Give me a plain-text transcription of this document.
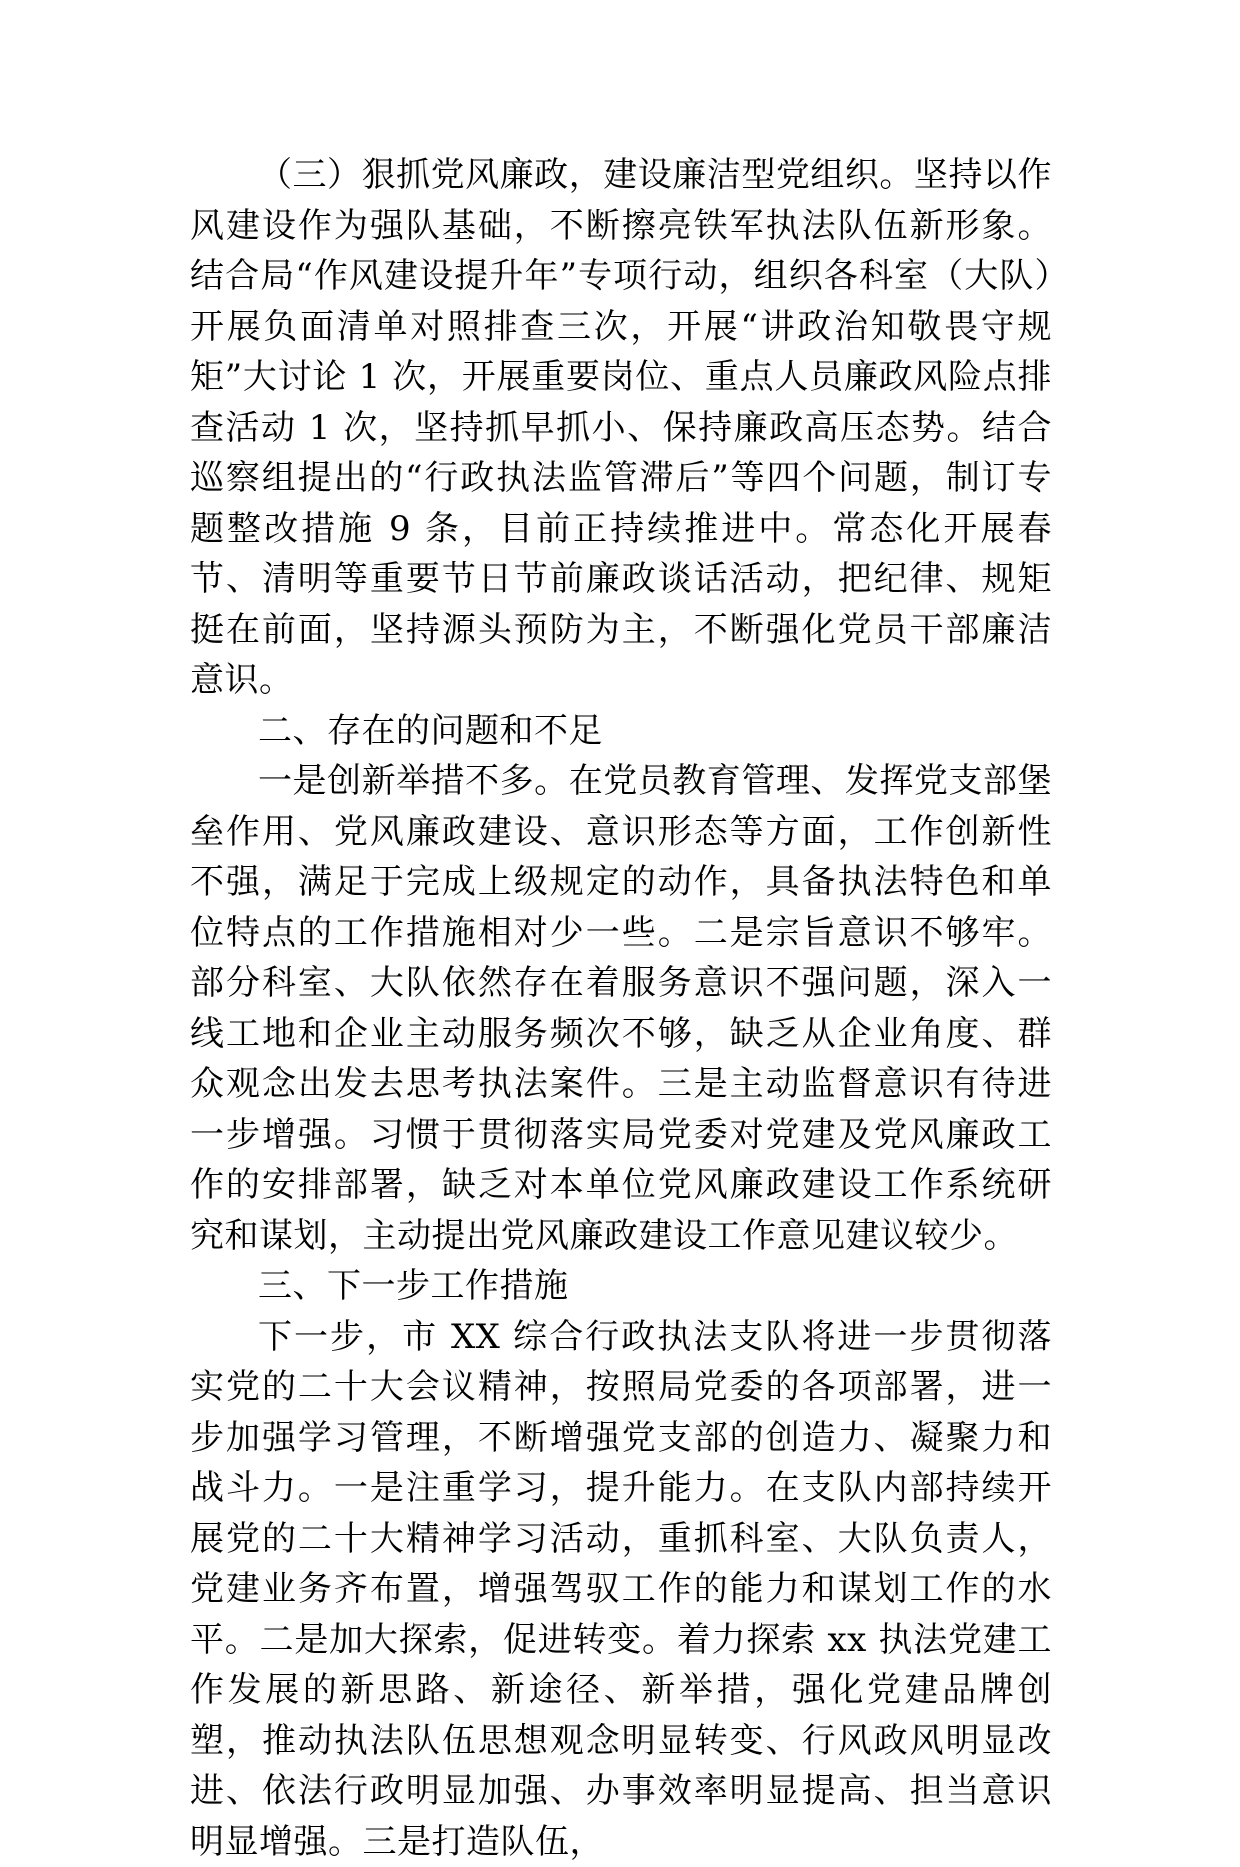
（三）狠抓党风廉政，建设廉洁型党组织。坚持以作风建设作为强队基础，不断擦亮铁军执法队伍新形象。结合局“作风建设提升年”专项行动，组织各科室（大队）开展负面清单对照排查三次，开展“讲政治知敬畏守规矩”大讨论 1 次，开展重要岗位、重点人员廉政风险点排查活动 1 次，坚持抓早抓小、保持廉政高压态势。结合巡察组提出的“行政执法监管滞后”等四个问题，制订专题整改措施 9 条，目前正持续推进中。常态化开展春节、清明等重要节日节前廉政谈话活动，把纪律、规矩挺在前面，坚持源头预防为主，不断强化党员干部廉洁意识。

二、存在的问题和不足

一是创新举措不多。在党员教育管理、发挥党支部堡垒作用、党风廉政建设、意识形态等方面，工作创新性不强，满足于完成上级规定的动作，具备执法特色和单位特点的工作措施相对少一些。二是宗旨意识不够牢。部分科室、大队依然存在着服务意识不强问题，深入一线工地和企业主动服务频次不够，缺乏从企业角度、群众观念出发去思考执法案件。三是主动监督意识有待进一步增强。习惯于贯彻落实局党委对党建及党风廉政工作的安排部署，缺乏对本单位党风廉政建设工作系统研究和谋划，主动提出党风廉政建设工作意见建议较少。

三、下一步工作措施

下一步，市 XX 综合行政执法支队将进一步贯彻落实党的二十大会议精神，按照局党委的各项部署，进一步加强学习管理，不断增强党支部的创造力、凝聚力和战斗力。一是注重学习，提升能力。在支队内部持续开展党的二十大精神学习活动，重抓科室、大队负责人，党建业务齐布置，增强驾驭工作的能力和谋划工作的水平。二是加大探索，促进转变。着力探索 xx 执法党建工作发展的新思路、新途径、新举措，强化党建品牌创塑，推动执法队伍思想观念明显转变、行风政风明显改进、依法行政明显加强、办事效率明显提高、担当意识明显增强。三是打造队伍，
